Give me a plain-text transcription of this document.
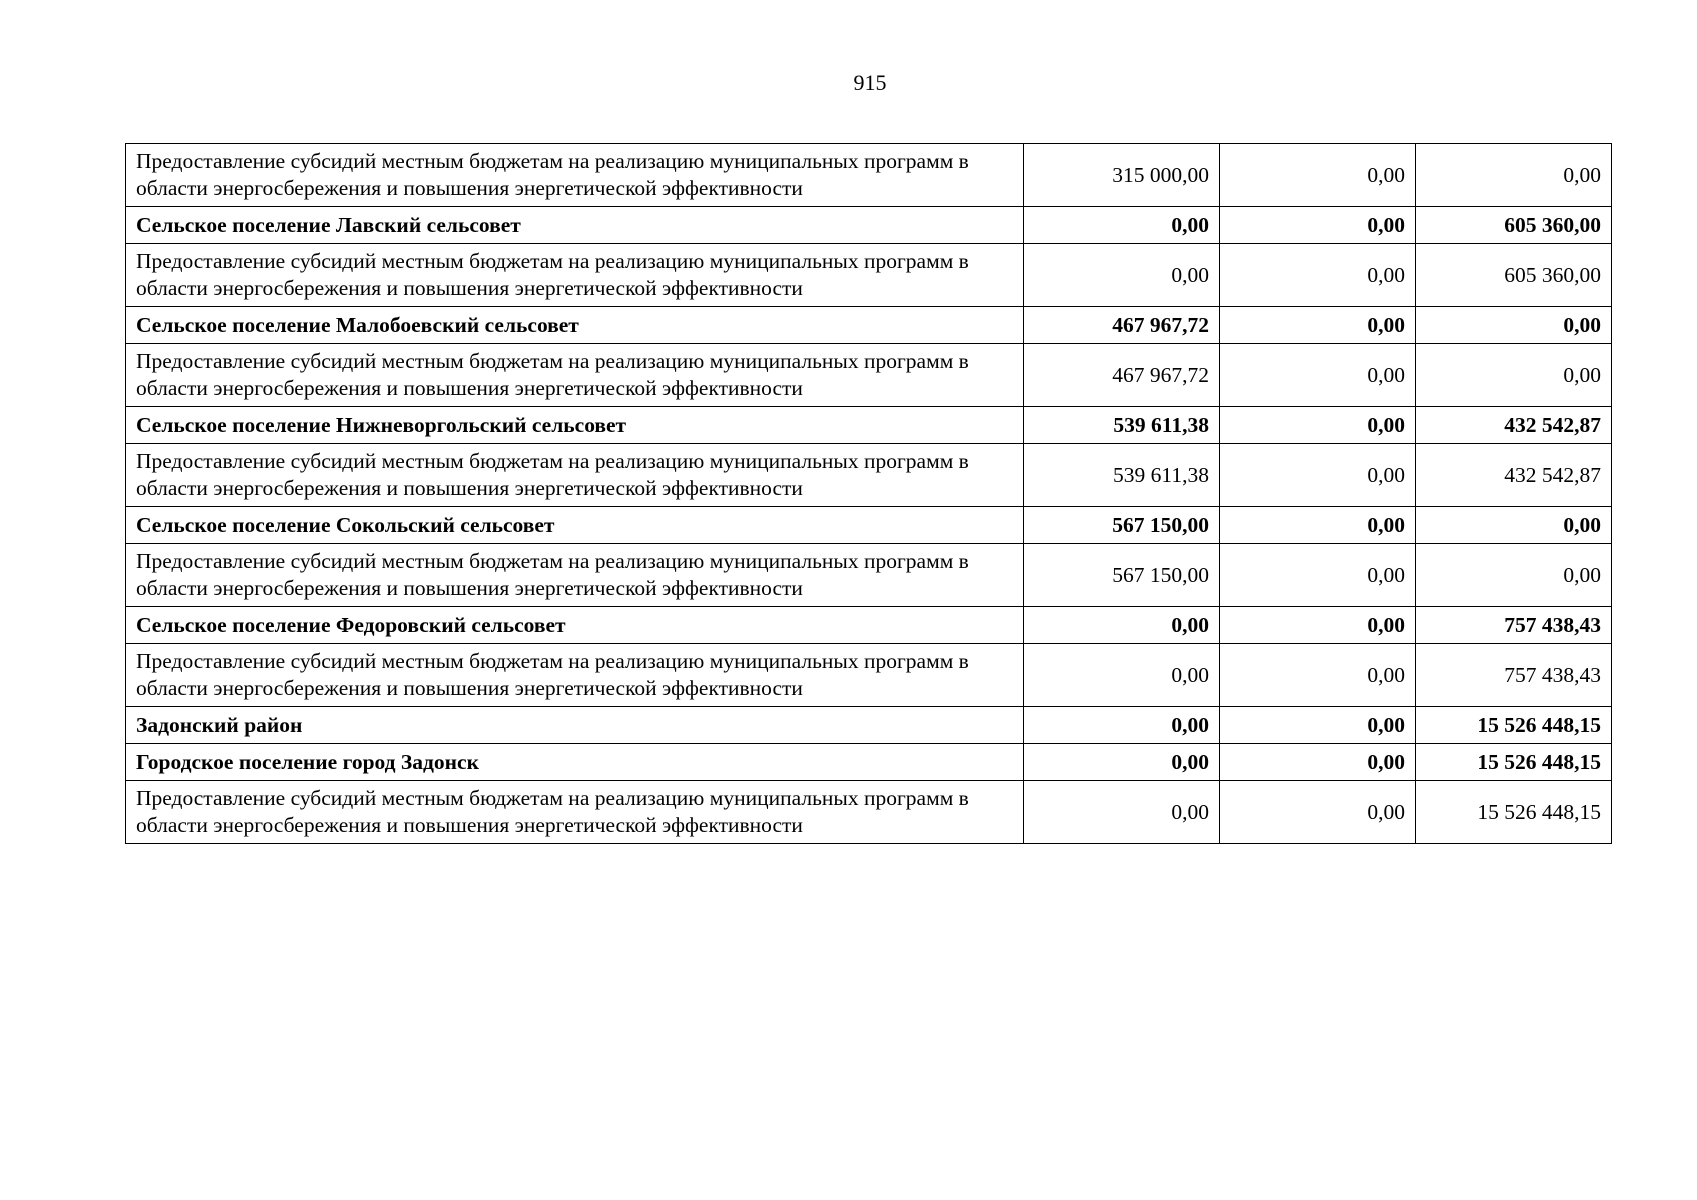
915
Предоставление субсидий местным бюджетам на реализацию муниципальных программ в области энергосбережения и повышения энергетической эффективности	315 000,00	0,00	0,00
Сельское поселение Лавский сельсовет	0,00	0,00	605 360,00
Предоставление субсидий местным бюджетам на реализацию муниципальных программ в области энергосбережения и повышения энергетической эффективности	0,00	0,00	605 360,00
Сельское поселение Малобоевский сельсовет	467 967,72	0,00	0,00
Предоставление субсидий местным бюджетам на реализацию муниципальных программ в области энергосбережения и повышения энергетической эффективности	467 967,72	0,00	0,00
Сельское поселение Нижневоргольский сельсовет	539 611,38	0,00	432 542,87
Предоставление субсидий местным бюджетам на реализацию муниципальных программ в области энергосбережения и повышения энергетической эффективности	539 611,38	0,00	432 542,87
Сельское поселение Сокольский сельсовет	567 150,00	0,00	0,00
Предоставление субсидий местным бюджетам на реализацию муниципальных программ в области энергосбережения и повышения энергетической эффективности	567 150,00	0,00	0,00
Сельское поселение Федоровский сельсовет	0,00	0,00	757 438,43
Предоставление субсидий местным бюджетам на реализацию муниципальных программ в области энергосбережения и повышения энергетической эффективности	0,00	0,00	757 438,43
Задонский район	0,00	0,00	15 526 448,15
Городское поселение город Задонск	0,00	0,00	15 526 448,15
Предоставление субсидий местным бюджетам на реализацию муниципальных программ в области энергосбережения и повышения энергетической эффективности	0,00	0,00	15 526 448,15
